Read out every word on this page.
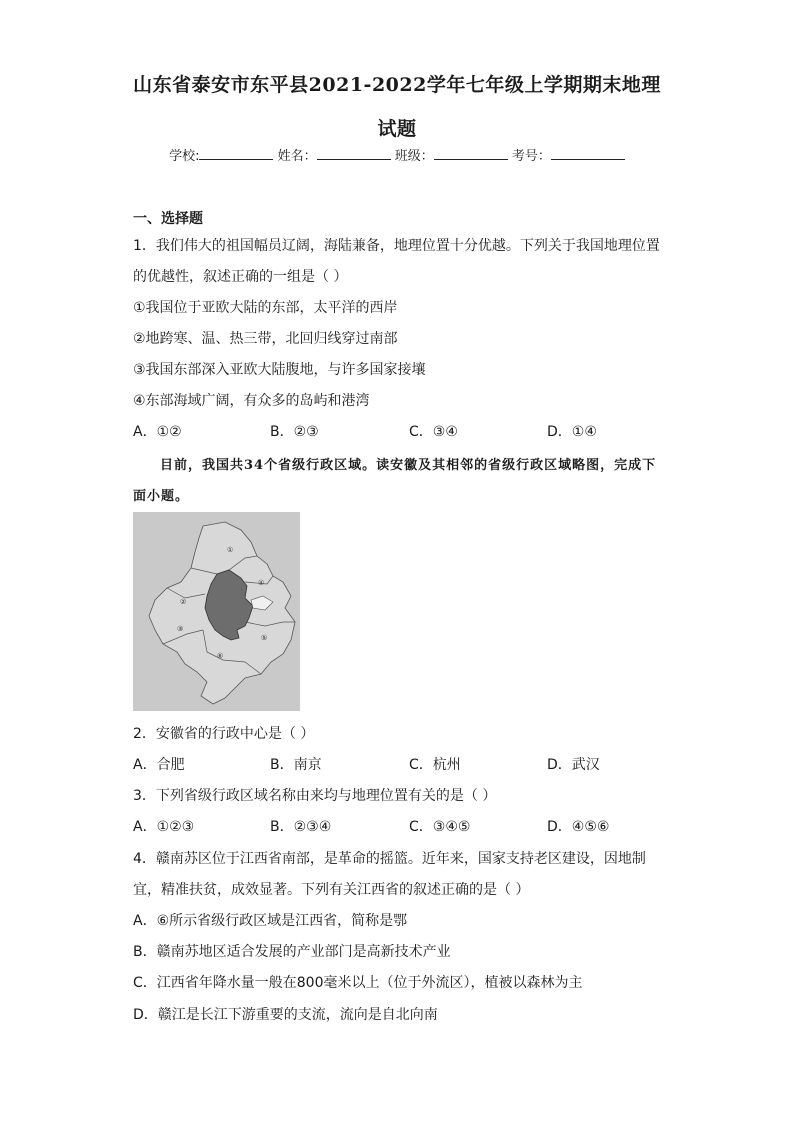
山东省泰安市东平县2021-2022学年七年级上学期期末地理
试题
学校:	姓名：	班级：	考号：
一、选择题
1．我们伟大的祖国幅员辽阔，海陆兼备，地理位置十分优越。下列关于我国地理位置
的优越性，叙述正确的一组是（ ）
①我国位于亚欧大陆的东部，太平洋的西岸
②地跨寒、温、热三带，北回归线穿过南部
③我国东部深入亚欧大陆腹地，与许多国家接壤
④东部海域广阔，有众多的岛屿和港湾
A．①②	B．②③	C．③④	D．①④
目前，我国共34个省级行政区域。读安徽及其相邻的省级行政区域略图，完成下
面小题。
①
②
③
④
⑤
⑥
2．安徽省的行政中心是（ ）
A．合肥	B．南京	C．杭州	D．武汉
3．下列省级行政区域名称由来均与地理位置有关的是（ ）
A．①②③	B．②③④	C．③④⑤	D．④⑤⑥
4．赣南苏区位于江西省南部，是革命的摇篮。近年来，国家支持老区建设，因地制
宜，精准扶贫，成效显著。下列有关江西省的叙述正确的是（ ）
A．⑥所示省级行政区域是江西省，简称是鄂
B．赣南苏地区适合发展的产业部门是高新技术产业
C．江西省年降水量一般在800毫米以上（位于外流区），植被以森林为主
D．赣江是长江下游重要的支流，流向是自北向南
